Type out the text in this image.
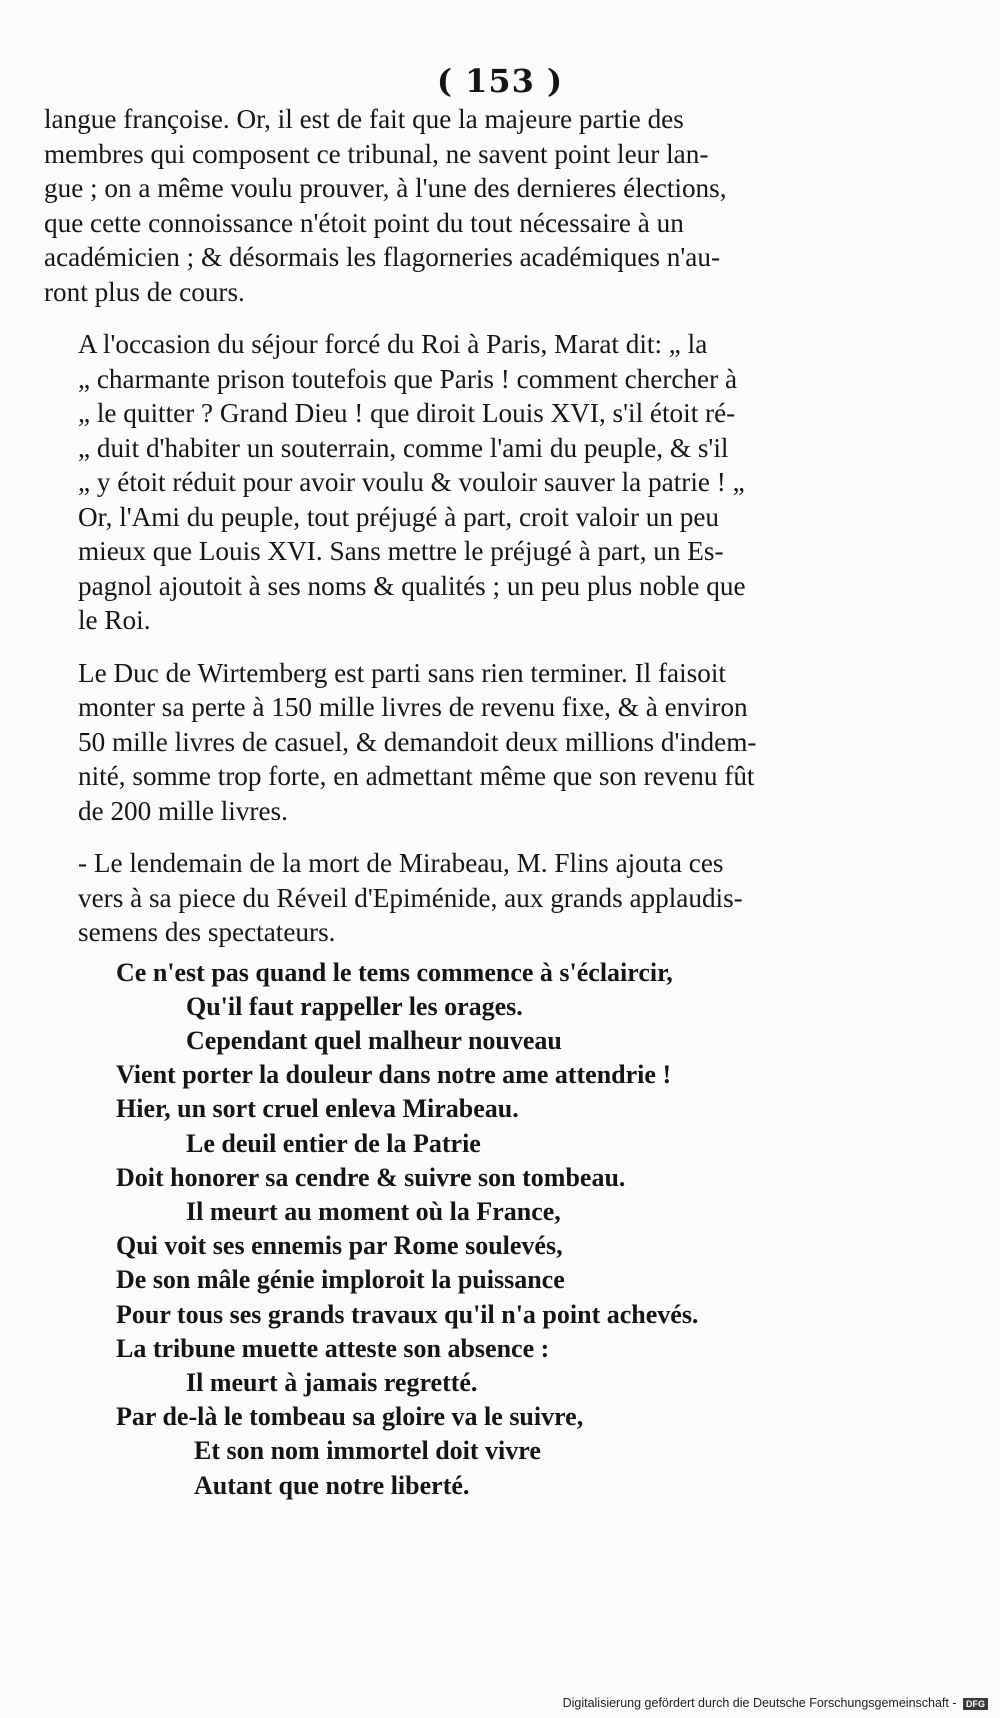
( 153 )
langue françoise. Or, il est de fait que la majeure partie des
membres qui composent ce tribunal, ne savent point leur lan-
gue ; on a même voulu prouver, à l'une des dernieres élections,
que cette connoissance n'étoit point du tout nécessaire à un
académicien ; & désormais les flagorneries académiques n'au-
ront plus de cours.
A l'occasion du séjour forcé du Roi à Paris, Marat dit: „ la
„ charmante prison toutefois que Paris ! comment chercher à
„ le quitter ? Grand Dieu ! que diroit Louis XVI, s'il étoit ré-
„ duit d'habiter un souterrain, comme l'ami du peuple, & s'il
„ y étoit réduit pour avoir voulu & vouloir sauver la patrie ! „
Or, l'Ami du peuple, tout préjugé à part, croit valoir un peu
mieux que Louis XVI. Sans mettre le préjugé à part, un Es-
pagnol ajoutoit à ses noms & qualités ; un peu plus noble que
le Roi.
Le Duc de Wirtemberg est parti sans rien terminer. Il faisoit
monter sa perte à 150 mille livres de revenu fixe, & à environ
50 mille livres de casuel, & demandoit deux millions d'indem-
nité, somme trop forte, en admettant même que son revenu fût
de 200 mille livres.
- Le lendemain de la mort de Mirabeau, M. Flins ajouta ces
vers à sa piece du Réveil d'Epiménide, aux grands applaudis-
semens des spectateurs.
Ce n'est pas quand le tems commence à s'éclaircir,
Qu'il faut rappeller les orages.
Cependant quel malheur nouveau
Vient porter la douleur dans notre ame attendrie !
Hier, un sort cruel enleva Mirabeau.
Le deuil entier de la Patrie
Doit honorer sa cendre & suivre son tombeau.
Il meurt au moment où la France,
Qui voit ses ennemis par Rome soulevés,
De son mâle génie imploroit la puissance
Pour tous ses grands travaux qu'il n'a point achevés.
La tribune muette atteste son absence :
Il meurt à jamais regretté.
Par de-là le tombeau sa gloire va le suivre,
Et son nom immortel doit vivre
Autant que notre liberté.
Digitalisierung gefördert durch die Deutsche Forschungsgemeinschaft - DFG
